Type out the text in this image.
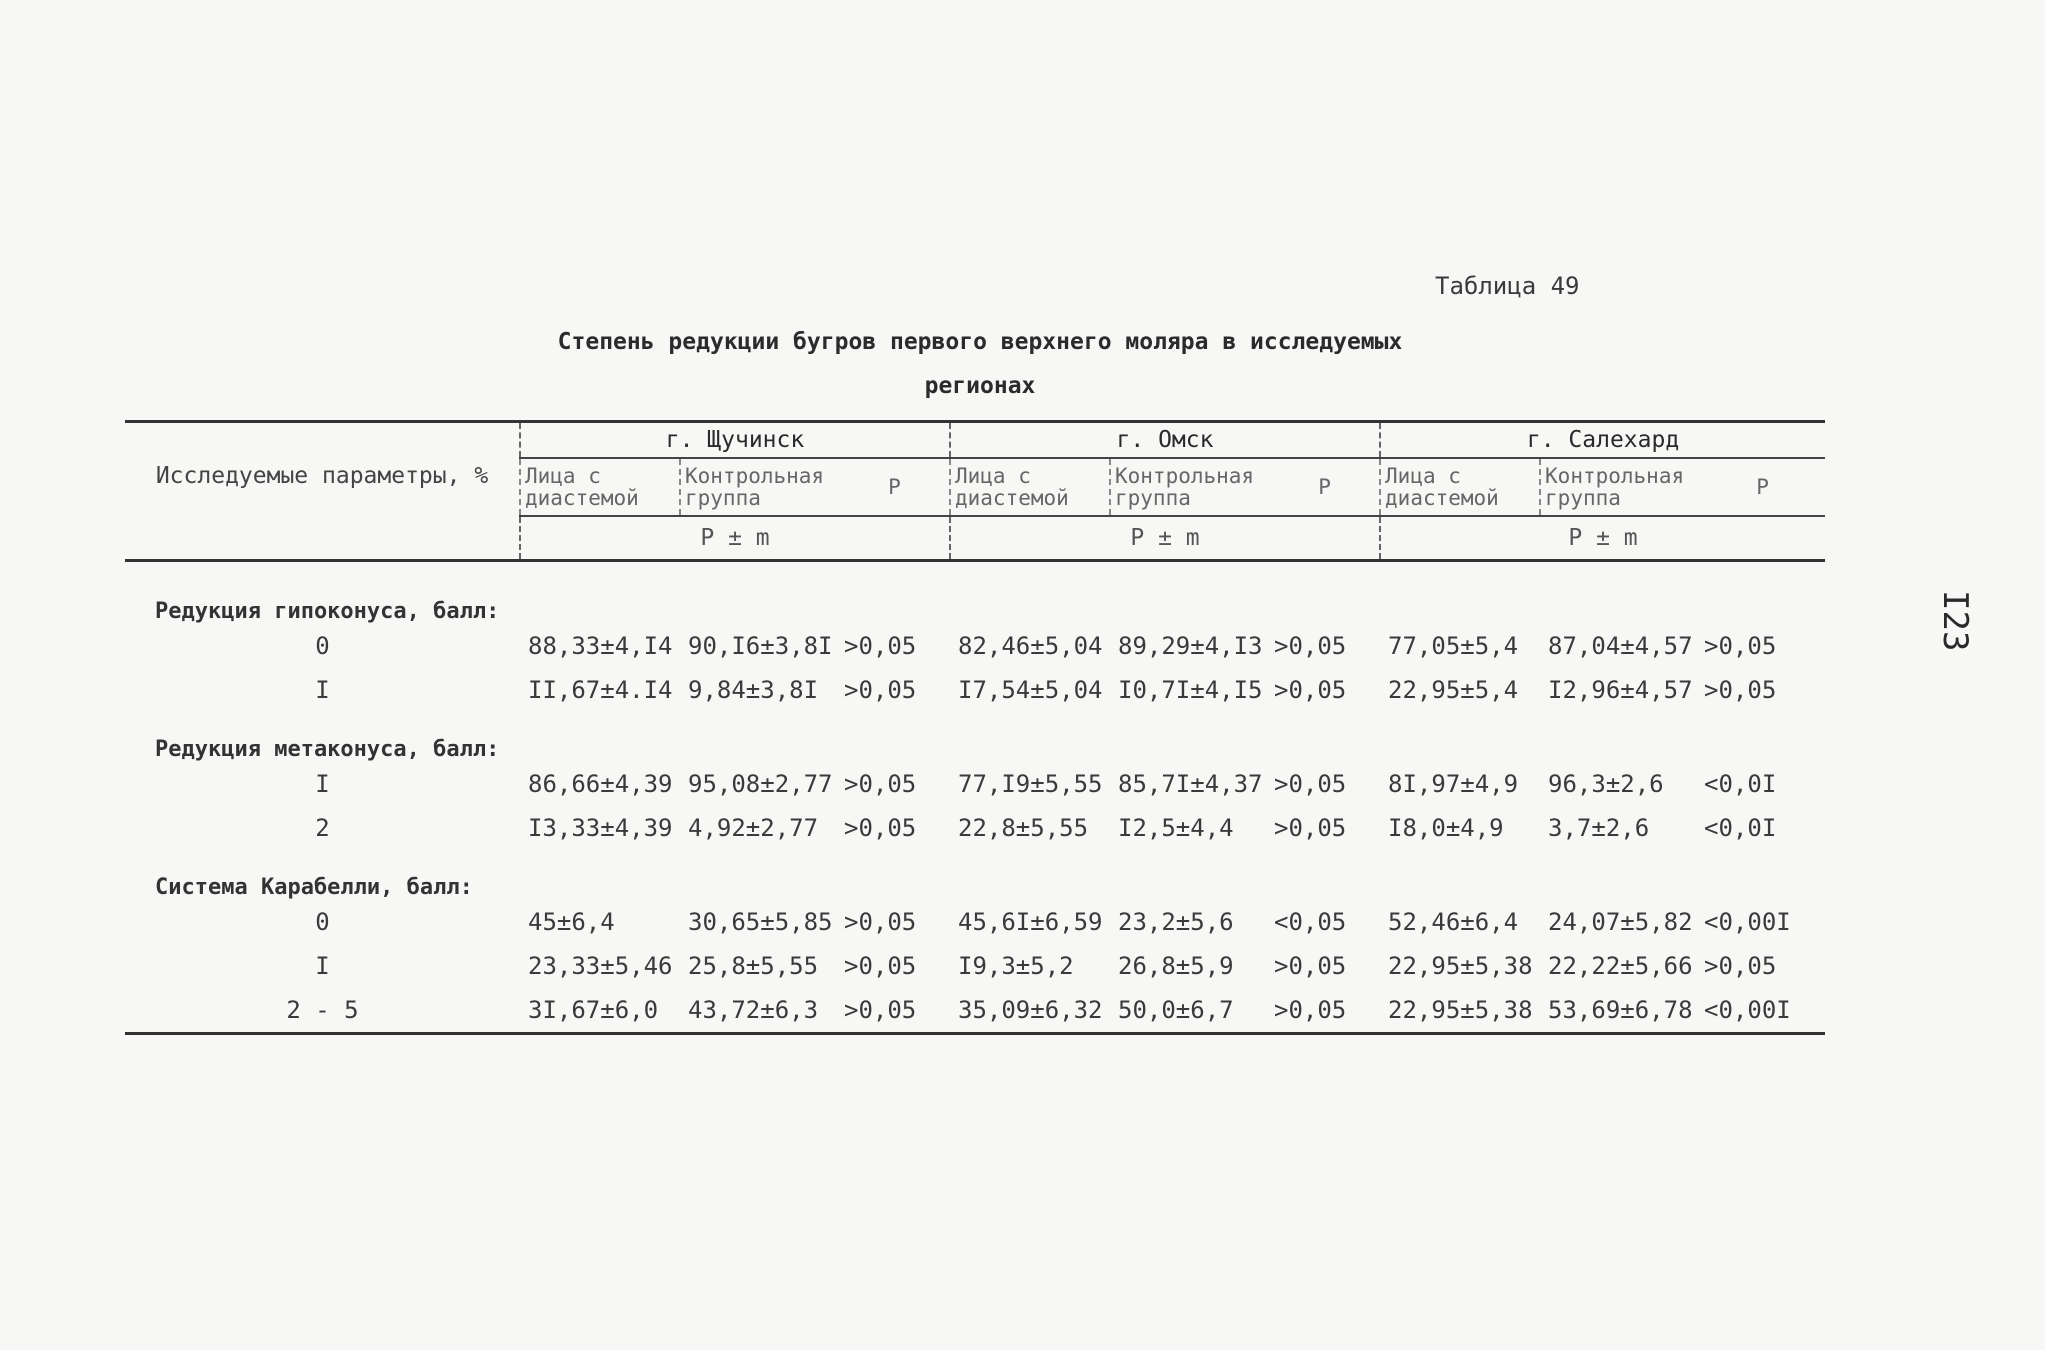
Таблица 49
Степень редукции бугров первого верхнего моляра в исследуемых
регионах
I23
Исследуемые параметры, %	г. Щучинск			г. Омск			г. Салехард		
	Лица с диастемой	Контрольная группа	Р	Лица с диастемой	Контрольная группа	Р	Лица с диастемой	Контрольная группа	Р
	Р ± m			Р ± m			Р ± m		

Редукция гипоконуса, балл:									
0	88,33±4,I4	90,I6±3,8I	>0,05	82,46±5,04	89,29±4,I3	>0,05	77,05±5,4	87,04±4,57	>0,05
I	II,67±4.I4	9,84±3,8I	>0,05	I7,54±5,04	I0,7I±4,I5	>0,05	22,95±5,4	I2,96±4,57	>0,05
Редукция метаконуса, балл:									
I	86,66±4,39	95,08±2,77	>0,05	77,I9±5,55	85,7I±4,37	>0,05	8I,97±4,9	96,3±2,6	<0,0I
2	I3,33±4,39	4,92±2,77	>0,05	22,8±5,55	I2,5±4,4	>0,05	I8,0±4,9	3,7±2,6	<0,0I
Система Карабелли, балл:									
0	45±6,4	30,65±5,85	>0,05	45,6I±6,59	23,2±5,6	<0,05	52,46±6,4	24,07±5,82	<0,00I
I	23,33±5,46	25,8±5,55	>0,05	I9,3±5,2	26,8±5,9	>0,05	22,95±5,38	22,22±5,66	>0,05
2 - 5	3I,67±6,0	43,72±6,3	>0,05	35,09±6,32	50,0±6,7	>0,05	22,95±5,38	53,69±6,78	<0,00I
